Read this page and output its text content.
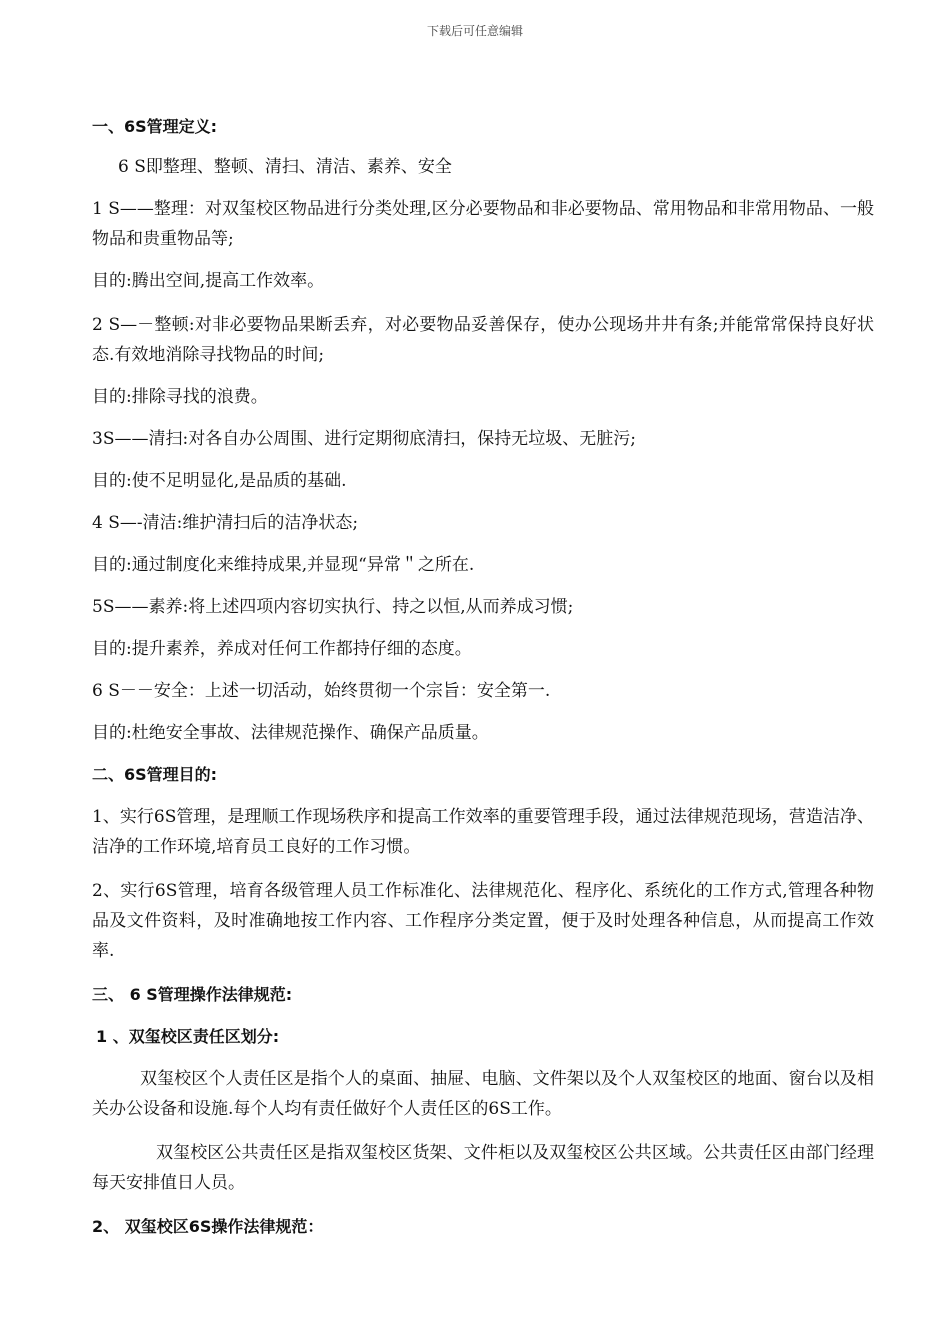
下载后可任意编辑
一、6S管理定义:
6 S即整理、整顿、清扫、清洁、素养、安全
1 S——整理：对双玺校区物品进行分类处理,区分必要物品和非必要物品、常用物品和非常用物品、一般物品和贵重物品等;
目的:腾出空间,提高工作效率。
2 S—－整顿:对非必要物品果断丢弃，对必要物品妥善保存，使办公现场井井有条;并能常常保持良好状态.有效地消除寻找物品的时间;
目的:排除寻找的浪费。
3S——清扫:对各自办公周围、进行定期彻底清扫，保持无垃圾、无脏污;
目的:使不足明显化,是品质的基础.
4 S—-清洁:维护清扫后的洁净状态;
目的:通过制度化来维持成果,并显现“异常＂之所在.
5S——素养:将上述四项内容切实执行、持之以恒,从而养成习惯;
目的:提升素养，养成对任何工作都持仔细的态度。
6 S－－安全：上述一切活动，始终贯彻一个宗旨：安全第一.
目的:杜绝安全事故、法律规范操作、确保产品质量。
二、6S管理目的:
1、实行6S管理，是理顺工作现场秩序和提高工作效率的重要管理手段，通过法律规范现场，营造洁净、洁净的工作环境,培育员工良好的工作习惯。
2、实行6S管理，培育各级管理人员工作标准化、法律规范化、程序化、系统化的工作方式,管理各种物品及文件资料，及时准确地按工作内容、工作程序分类定置，便于及时处理各种信息，从而提高工作效率.
三、 6 S管理操作法律规范:
1 、双玺校区责任区划分:
双玺校区个人责任区是指个人的桌面、抽屉、电脑、文件架以及个人双玺校区的地面、窗台以及相关办公设备和设施.每个人均有责任做好个人责任区的6S工作。
双玺校区公共责任区是指双玺校区货架、文件柜以及双玺校区公共区域。公共责任区由部门经理每天安排值日人员。
2、 双玺校区6S操作法律规范：
